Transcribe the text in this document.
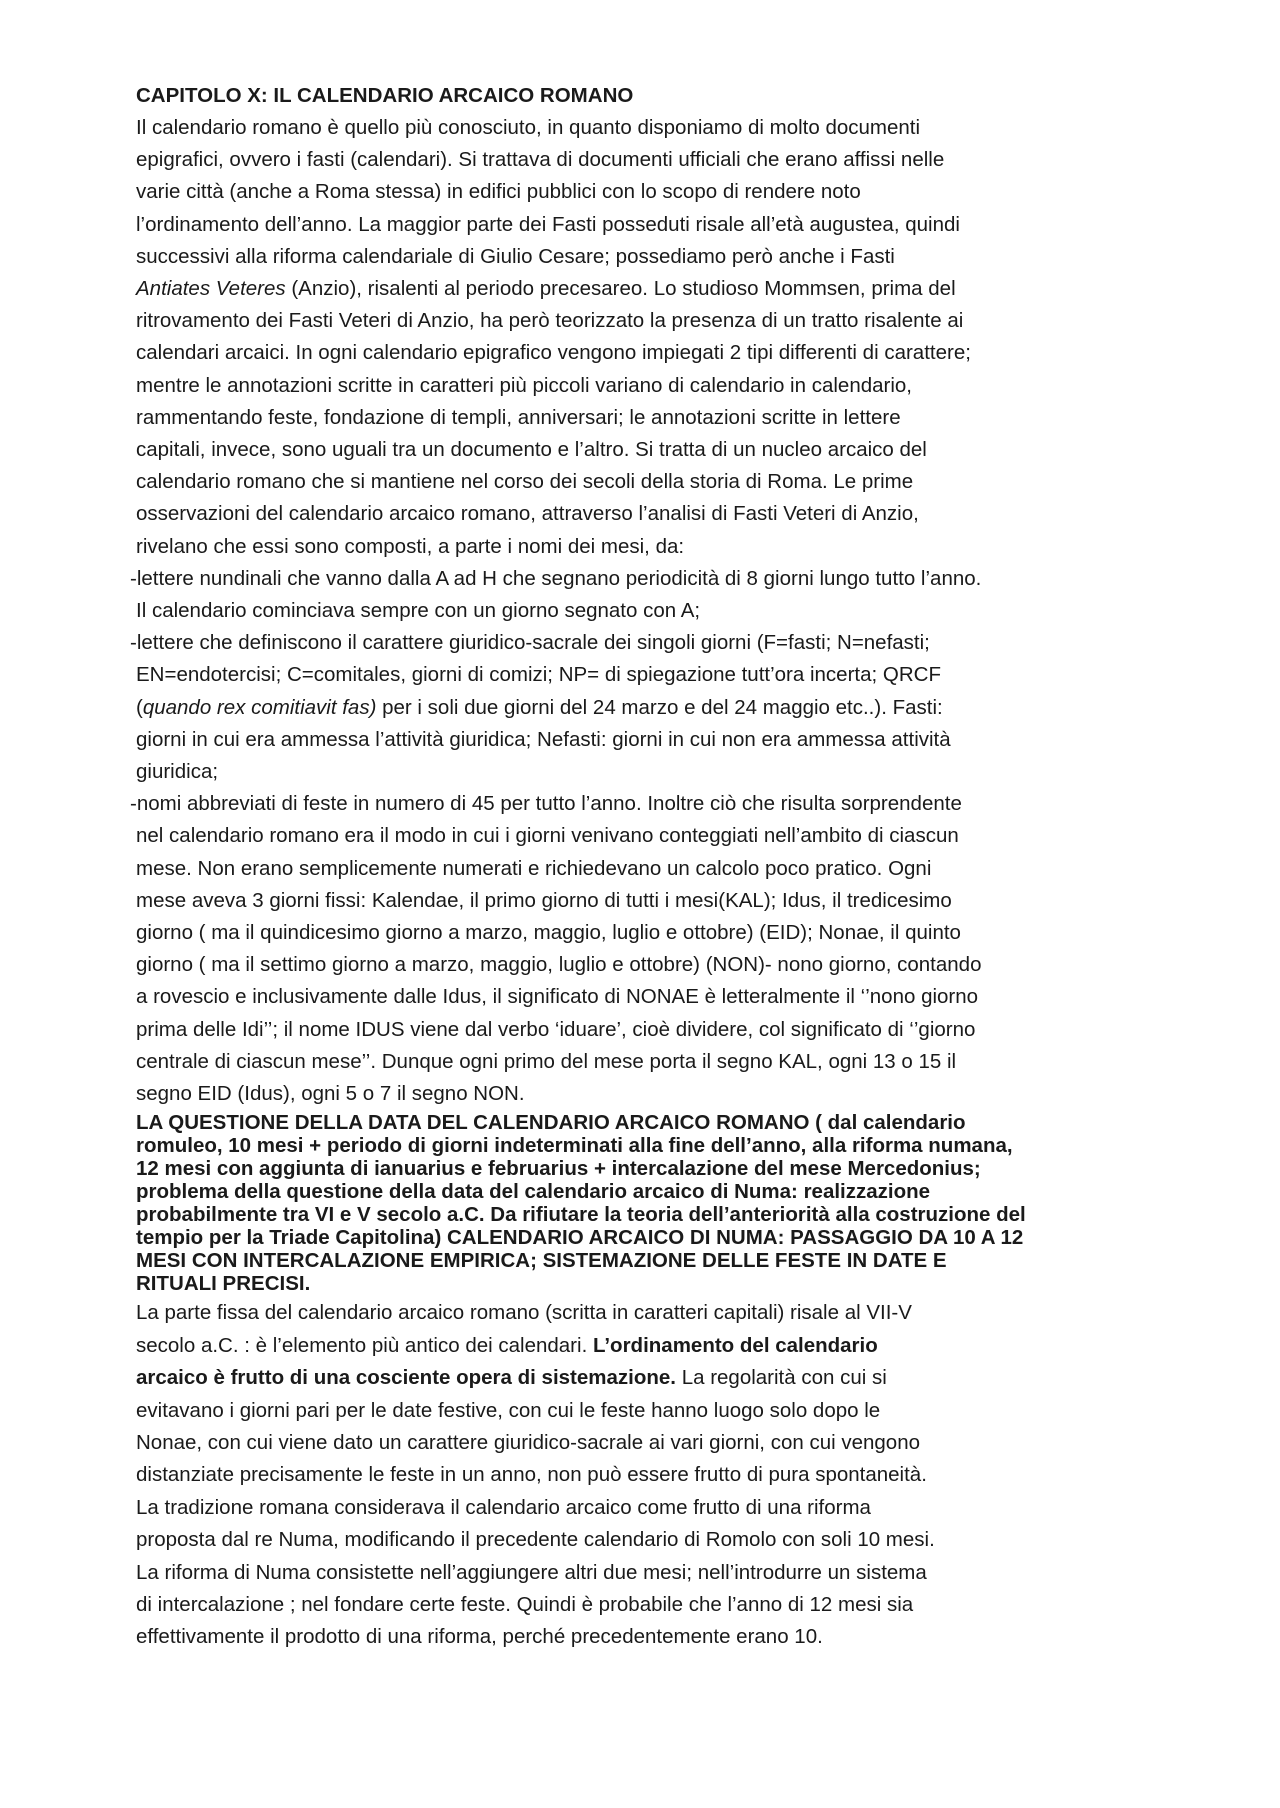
CAPITOLO X: IL CALENDARIO ARCAICO ROMANO
Il calendario romano è quello più conosciuto, in quanto disponiamo di molto documenti
epigrafici, ovvero i fasti (calendari). Si trattava di documenti ufficiali che erano affissi nelle
varie città (anche a Roma stessa) in edifici pubblici con lo scopo di rendere noto
l’ordinamento dell’anno. La maggior parte dei Fasti posseduti risale all’età augustea, quindi
successivi alla riforma calendariale di Giulio Cesare; possediamo però anche i Fasti
Antiates Veteres (Anzio), risalenti al periodo precesareo. Lo studioso Mommsen, prima del
ritrovamento dei Fasti Veteri di Anzio, ha però teorizzato la presenza di un tratto risalente ai
calendari arcaici. In ogni calendario epigrafico vengono impiegati 2 tipi differenti di carattere;
mentre le annotazioni scritte in caratteri più piccoli variano di calendario in calendario,
rammentando feste, fondazione di templi, anniversari; le annotazioni scritte in lettere
capitali, invece, sono uguali tra un documento e l’altro. Si tratta di un nucleo arcaico del
calendario romano che si mantiene nel corso dei secoli della storia di Roma. Le prime
osservazioni del calendario arcaico romano, attraverso l’analisi di Fasti Veteri di Anzio,
rivelano che essi sono composti, a parte i nomi dei mesi, da:
-lettere nundinali che vanno dalla A ad H che segnano periodicità di 8 giorni lungo tutto l’anno.
Il calendario cominciava sempre con un giorno segnato con A;
-lettere che definiscono il carattere giuridico-sacrale dei singoli giorni (F=fasti; N=nefasti;
EN=endotercisi; C=comitales, giorni di comizi; NP= di spiegazione tutt’ora incerta; QRCF
(quando rex comitiavit fas) per i soli due giorni del 24 marzo e del 24 maggio etc..). Fasti:
giorni in cui era ammessa l’attività giuridica; Nefasti: giorni in cui non era ammessa attività
giuridica;
-nomi abbreviati di feste in numero di 45 per tutto l’anno. Inoltre ciò che risulta sorprendente
nel calendario romano era il modo in cui i giorni venivano conteggiati nell’ambito di ciascun
mese. Non erano semplicemente numerati e richiedevano un calcolo poco pratico. Ogni
mese aveva 3 giorni fissi: Kalendae, il primo giorno di tutti i mesi(KAL); Idus, il tredicesimo
giorno ( ma il quindicesimo giorno a marzo, maggio, luglio e ottobre) (EID); Nonae, il quinto
giorno ( ma il settimo giorno a marzo, maggio, luglio e ottobre) (NON)- nono giorno, contando
a rovescio e inclusivamente dalle Idus, il significato di NONAE è letteralmente il ‘’nono giorno
prima delle Idi’’; il nome IDUS viene dal verbo ‘iduare’, cioè dividere, col significato di ‘’giorno
centrale di ciascun mese’’. Dunque ogni primo del mese porta il segno KAL, ogni 13 o 15 il
segno EID (Idus), ogni 5 o 7 il segno NON.
LA QUESTIONE DELLA DATA DEL CALENDARIO ARCAICO ROMANO ( dal calendario
romuleo, 10 mesi + periodo di giorni indeterminati alla fine dell’anno, alla riforma numana,
12 mesi con aggiunta di ianuarius e februarius + intercalazione del mese Mercedonius;
problema della questione della data del calendario arcaico di Numa: realizzazione
probabilmente tra VI e V secolo a.C. Da rifiutare la teoria dell’anteriorità alla costruzione del
tempio per la Triade Capitolina) CALENDARIO ARCAICO DI NUMA: PASSAGGIO DA 10 A 12
MESI CON INTERCALAZIONE EMPIRICA; SISTEMAZIONE DELLE FESTE IN DATE E
RITUALI PRECISI.
La parte fissa del calendario arcaico romano (scritta in caratteri capitali) risale al VII-V
secolo a.C. : è l’elemento più antico dei calendari. L’ordinamento del calendario
arcaico è frutto di una cosciente opera di sistemazione. La regolarità con cui si
evitavano i giorni pari per le date festive, con cui le feste hanno luogo solo dopo le
Nonae, con cui viene dato un carattere giuridico-sacrale ai vari giorni, con cui vengono
distanziate precisamente le feste in un anno, non può essere frutto di pura spontaneità.
La tradizione romana considerava il calendario arcaico come frutto di una riforma
proposta dal re Numa, modificando il precedente calendario di Romolo con soli 10 mesi.
La riforma di Numa consistette nell’aggiungere altri due mesi; nell’introdurre un sistema
di intercalazione ; nel fondare certe feste. Quindi è probabile che l’anno di 12 mesi sia
effettivamente il prodotto di una riforma, perché precedentemente erano 10.
